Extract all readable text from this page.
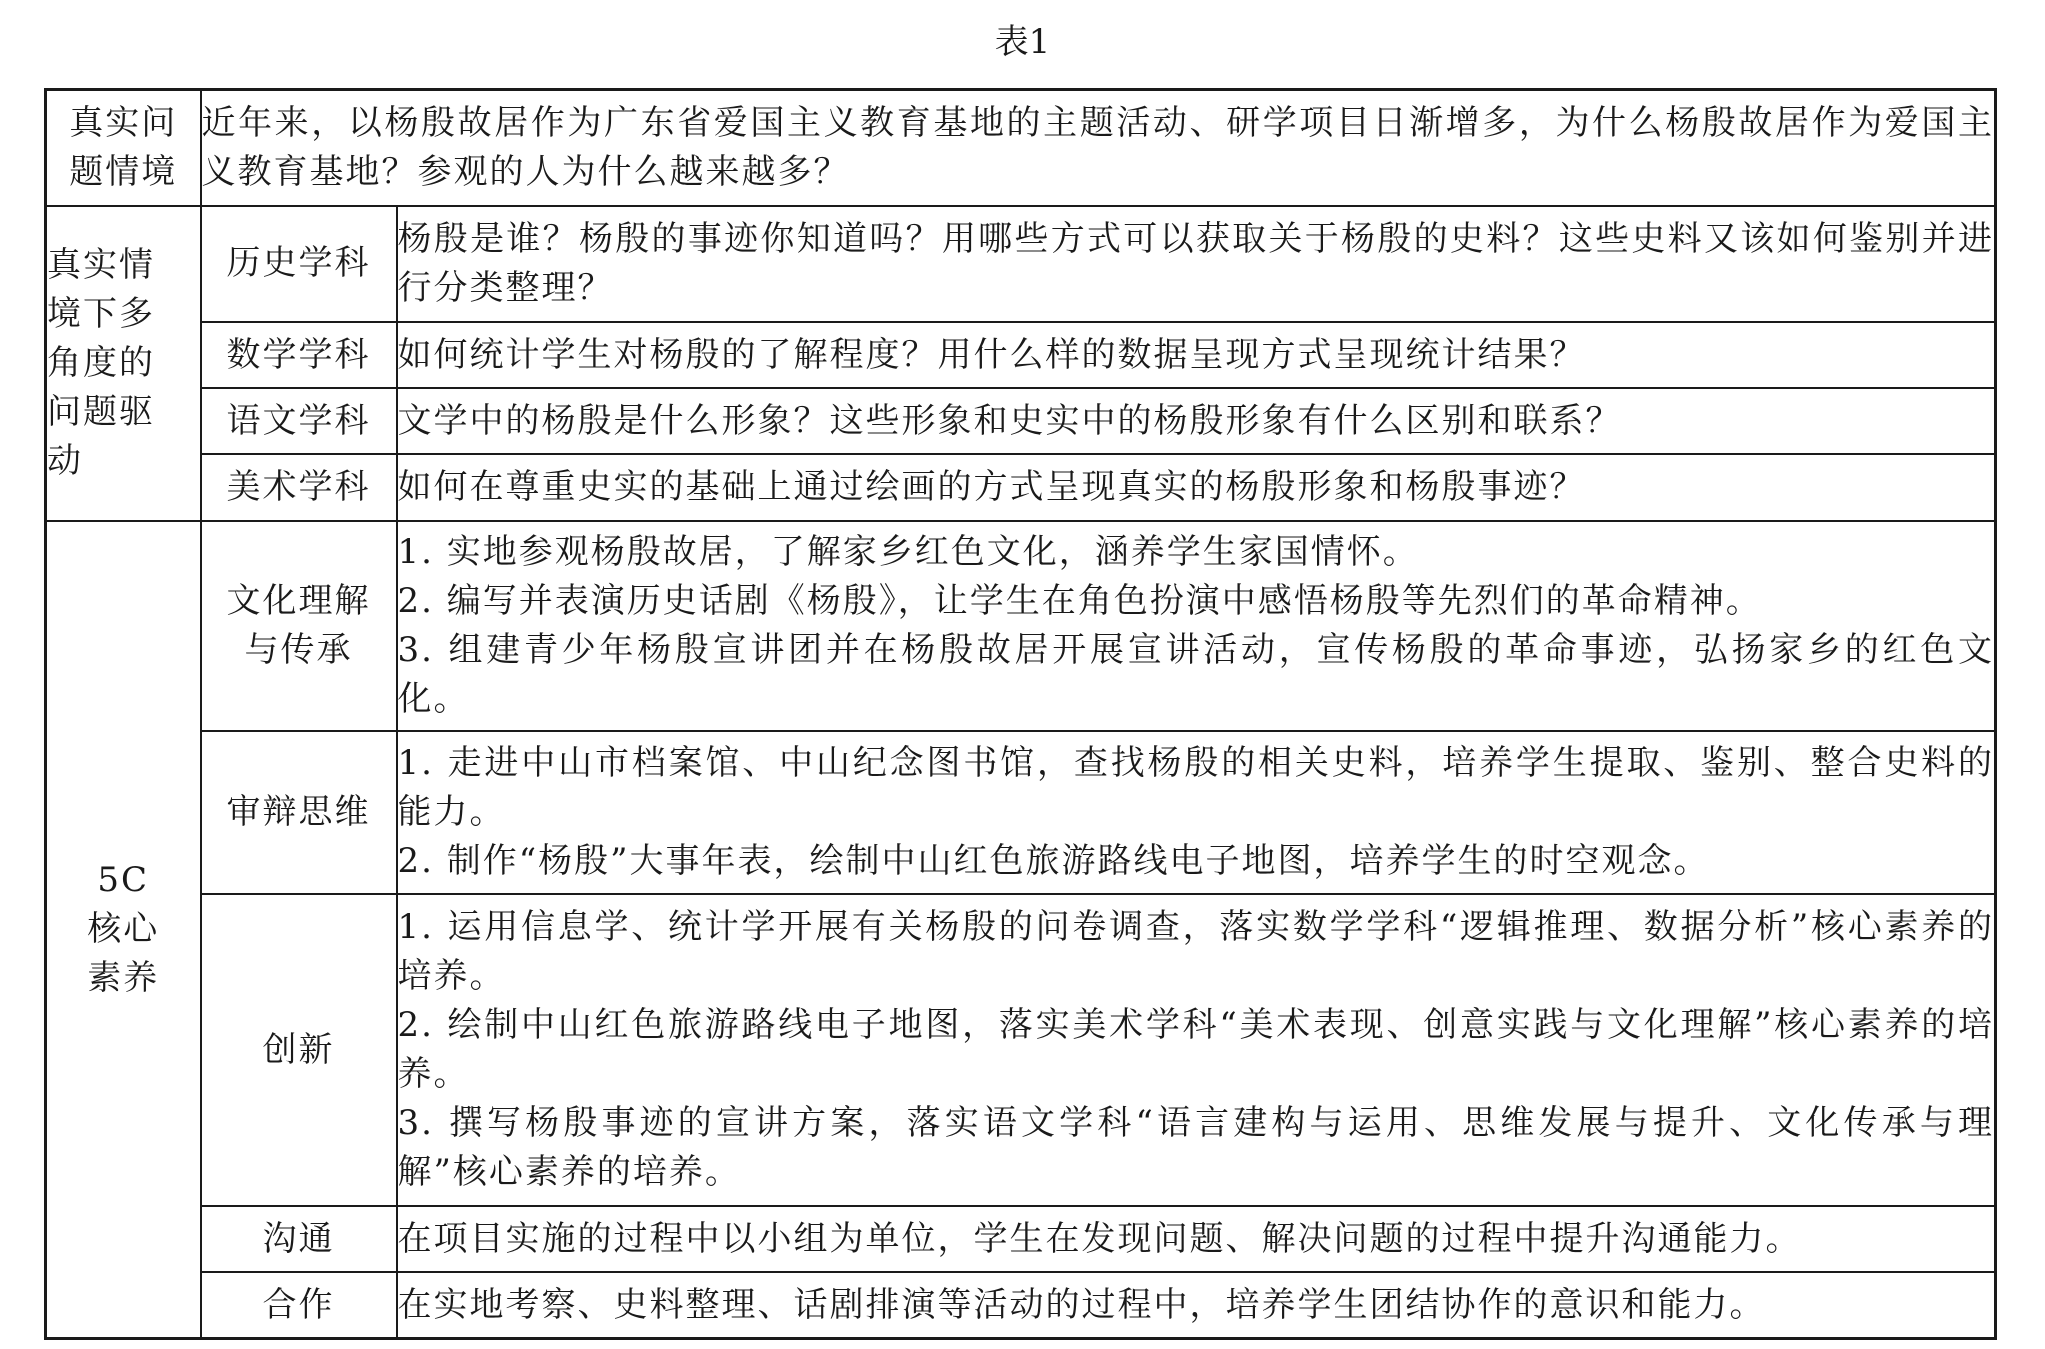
表1
真实问
题情境	近年来，以杨殷故居作为广东省爱国主义教育基地的主题活动、研学项目日渐增多，为什么杨殷故居作为爱国主义教育基地？参观的人为什么越来越多？	

真实情
境下多
角度的
问题驱
动	历史学科	杨殷是谁？杨殷的事迹你知道吗？用哪些方式可以获取关于杨殷的史料？这些史料又该如何鉴别并进行分类整理？
	数学学科	如何统计学生对杨殷的了解程度？用什么样的数据呈现方式呈现统计结果？
	语文学科	文学中的杨殷是什么形象？这些形象和史实中的杨殷形象有什么区别和联系？
	美术学科	如何在尊重史实的基础上通过绘画的方式呈现真实的杨殷形象和杨殷事迹？

5C
核心
素养	文化理解
与传承	1. 实地参观杨殷故居，了解家乡红色文化，涵养学生家国情怀。
2. 编写并表演历史话剧《杨殷》，让学生在角色扮演中感悟杨殷等先烈们的革命精神。
3. 组建青少年杨殷宣讲团并在杨殷故居开展宣讲活动，宣传杨殷的革命事迹，弘扬家乡的红色文化。

	审辩思维	1. 走进中山市档案馆、中山纪念图书馆，查找杨殷的相关史料，培养学生提取、鉴别、整合史料的能力。
2. 制作“杨殷”大事年表，绘制中山红色旅游路线电子地图，培养学生的时空观念。

	创新	1. 运用信息学、统计学开展有关杨殷的问卷调查，落实数学学科“逻辑推理、数据分析”核心素养的培养。
2. 绘制中山红色旅游路线电子地图，落实美术学科“美术表现、创意实践与文化理解”核心素养的培养。
3. 撰写杨殷事迹的宣讲方案，落实语文学科“语言建构与运用、思维发展与提升、文化传承与理解”核心素养的培养。

	沟通	在项目实施的过程中以小组为单位，学生在发现问题、解决问题的过程中提升沟通能力。
	合作	在实地考察、史料整理、话剧排演等活动的过程中，培养学生团结协作的意识和能力。
